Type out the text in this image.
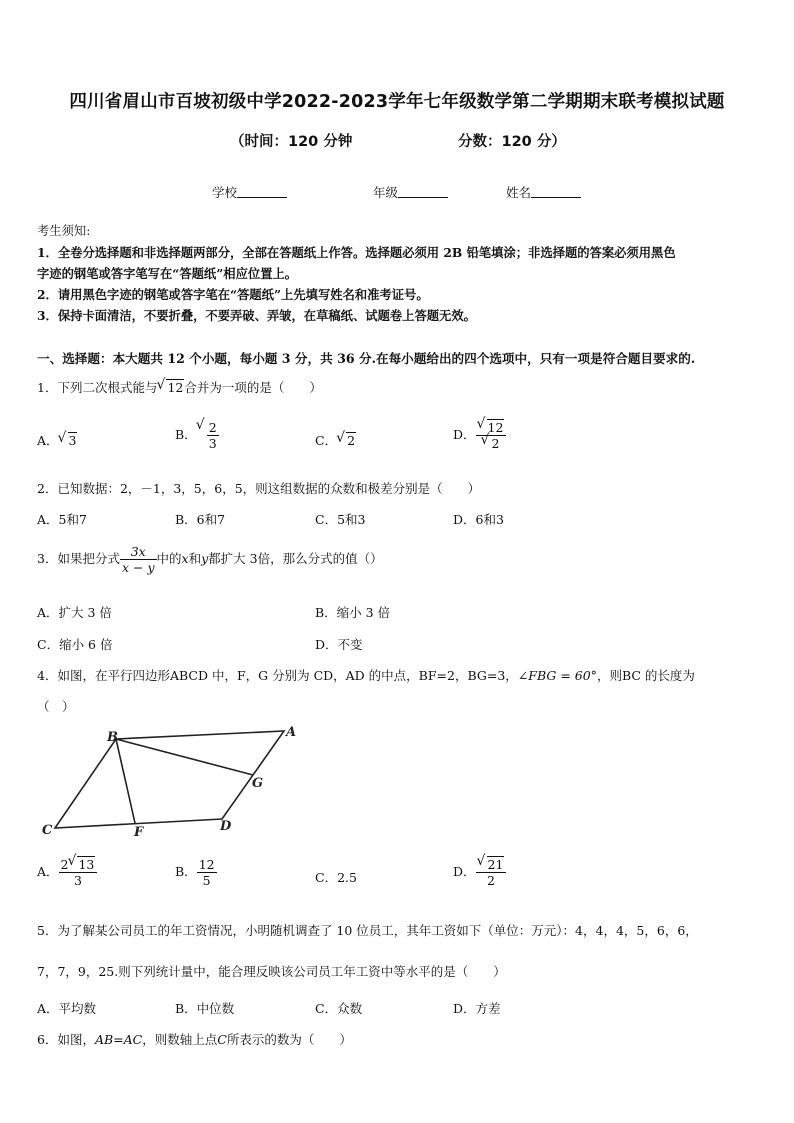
四川省眉山市百坡初级中学2022-2023学年七年级数学第二学期期末联考模拟试题
（时间：120 分钟	分数：120 分）
学校	年级	姓名
考生须知:
1．全卷分选择题和非选择题两部分，全部在答题纸上作答。选择题必须用 2B 铅笔填涂；非选择题的答案必须用黑色
字迹的钢笔或答字笔写在“答题纸”相应位置上。
2．请用黑色字迹的钢笔或答字笔在“答题纸”上先填写姓名和准考证号。
3．保持卡面清洁，不要折叠，不要弄破、弄皱，在草稿纸、试题卷上答题无效。
一、选择题：本大题共 12 个小题，每小题 3 分，共 36 分.在每小题给出的四个选项中，只有一项是符合题目要求的.
1．下列二次根式能与 √ 12合并为一项的是（　　）
A． √ 3	B． √ $\frac{2}{3}$	C． √ 2	D． √ 12
√ 2
2．已知数据：2，－1，3，5，6，5，则这组数据的众数和极差分别是（　　）
A．5和7	B．6和7	C．5和3	D．6和3
3．如果把分式 $\frac{3x}{x - y}$ 中的x和y都扩大 3倍，那么分式的值（）
A．扩大 3 倍	B．缩小 3 倍
C．缩小 6 倍	D．不变
4．如图，在平行四边形ABCD 中，F，G 分别为 CD，AD 的中点，BF=2，BG=3，∠FBG = 60°，则BC 的长度为
（　）
B	A
G
C	F	D
A． $\frac{2 √ 13}{3}$	B． $\frac{12}{5}$	C．2.5	D． √ $\frac{21}{2}$
5．为了解某公司员工的年工资情况，小明随机调查了 10 位员工，其年工资如下（单位：万元）：4，4，4，5，6，6，
7，7，9，25.则下列统计量中，能合理反映该公司员工年工资中等水平的是（　　）
A．平均数	B．中位数	C．众数	D．方差
6．如图，AB=AC，则数轴上点C所表示的数为（　　）
